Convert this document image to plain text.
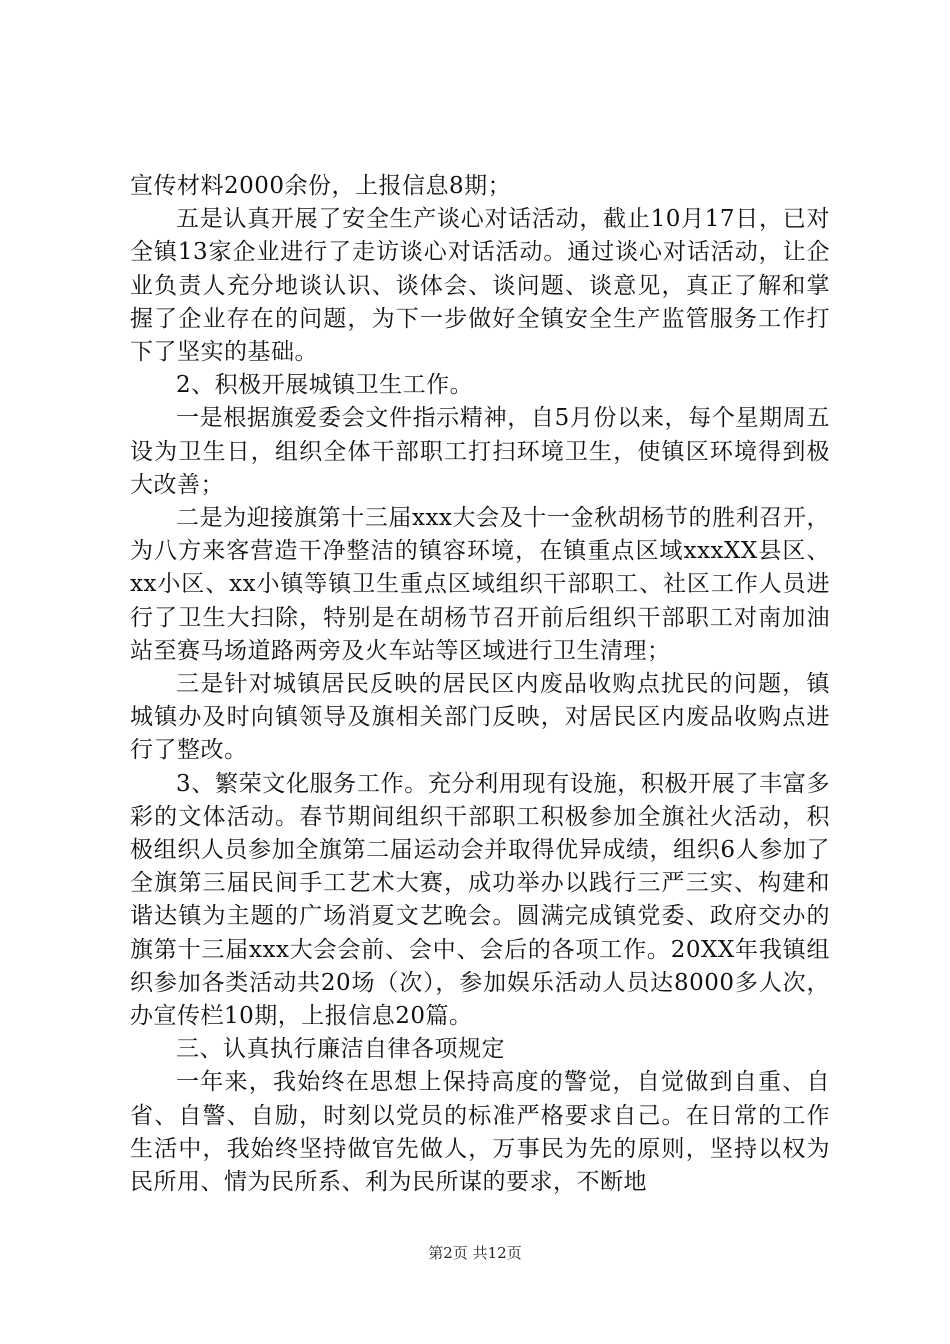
宣传材料2000余份，上报信息8期；

五是认真开展了安全生产谈心对话活动，截止10月17日，已对全镇13家企业进行了走访谈心对话活动。通过谈心对话活动，让企业负责人充分地谈认识、谈体会、谈问题、谈意见，真正了解和掌握了企业存在的问题，为下一步做好全镇安全生产监管服务工作打下了坚实的基础。

2、积极开展城镇卫生工作。

一是根据旗爱委会文件指示精神，自5月份以来，每个星期周五设为卫生日，组织全体干部职工打扫环境卫生，使镇区环境得到极大改善；

二是为迎接旗第十三届xxx大会及十一金秋胡杨节的胜利召开，为八方来客营造干净整洁的镇容环境，在镇重点区域xxxXX县区、xx小区、xx小镇等镇卫生重点区域组织干部职工、社区工作人员进行了卫生大扫除，特别是在胡杨节召开前后组织干部职工对南加油站至赛马场道路两旁及火车站等区域进行卫生清理；

三是针对城镇居民反映的居民区内废品收购点扰民的问题，镇城镇办及时向镇领导及旗相关部门反映，对居民区内废品收购点进行了整改。

3、繁荣文化服务工作。充分利用现有设施，积极开展了丰富多彩的文体活动。春节期间组织干部职工积极参加全旗社火活动，积极组织人员参加全旗第二届运动会并取得优异成绩，组织6人参加了全旗第三届民间手工艺术大赛，成功举办以践行三严三实、构建和谐达镇为主题的广场消夏文艺晚会。圆满完成镇党委、政府交办的旗第十三届xxx大会会前、会中、会后的各项工作。20XX年我镇组织参加各类活动共20场（次），参加娱乐活动人员达8000多人次，办宣传栏10期，上报信息20篇。

三、认真执行廉洁自律各项规定

一年来，我始终在思想上保持高度的警觉，自觉做到自重、自省、自警、自励，时刻以党员的标准严格要求自己。在日常的工作生活中，我始终坚持做官先做人，万事民为先的原则，坚持以权为民所用、情为民所系、利为民所谋的要求，不断地

第2页 共12页
